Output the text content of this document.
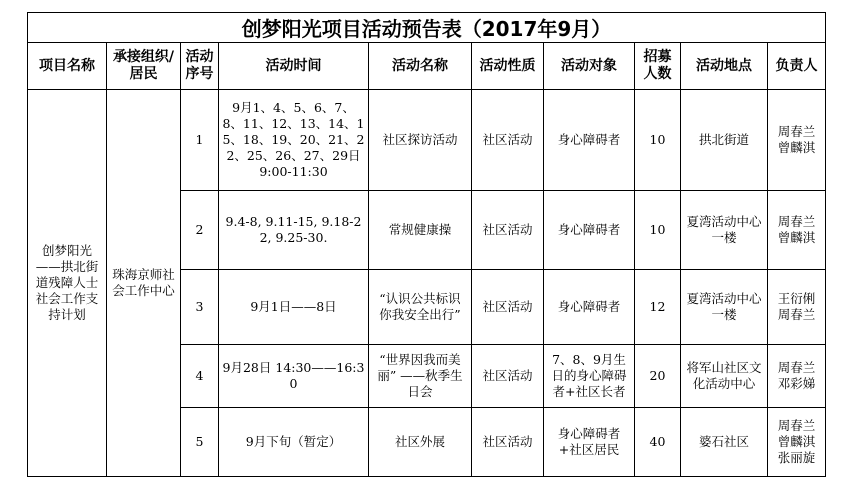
创梦阳光项目活动预告表（2017年9月）									
项目名称	承接组织/居民	活动序号	活动时间	活动名称	活动性质	活动对象	招募人数	活动地点	负责人
创梦阳光——拱北街道残障人士社会工作支持计划	珠海京师社会工作中心	1	9月1、4、5、6、7、8、11、12、13、14、15、18、19、20、21、22、25、26、27、29日 9:00-11:30	社区探访活动	社区活动	身心障碍者	10	拱北街道	周春兰 曾麟淇
		2	9.4-8, 9.11-15, 9.18-22, 9.25-30.	常规健康操	社区活动	身心障碍者	10	夏湾活动中心一楼	周春兰 曾麟淇
		3	9月1日——8日	“认识公共标识 你我安全出行”	社区活动	身心障碍者	12	夏湾活动中心一楼	王衍俐 周春兰
		4	9月28日 14:30——16:30	“世界因我而美丽” ——秋季生日会	社区活动	7、8、9月生日的身心障碍者+社区长者	20	将军山社区文化活动中心	周春兰 邓彩娣
		5	9月下旬（暂定）	社区外展	社区活动	身心障碍者+社区居民	40	婆石社区	周春兰 曾麟淇 张丽旋
